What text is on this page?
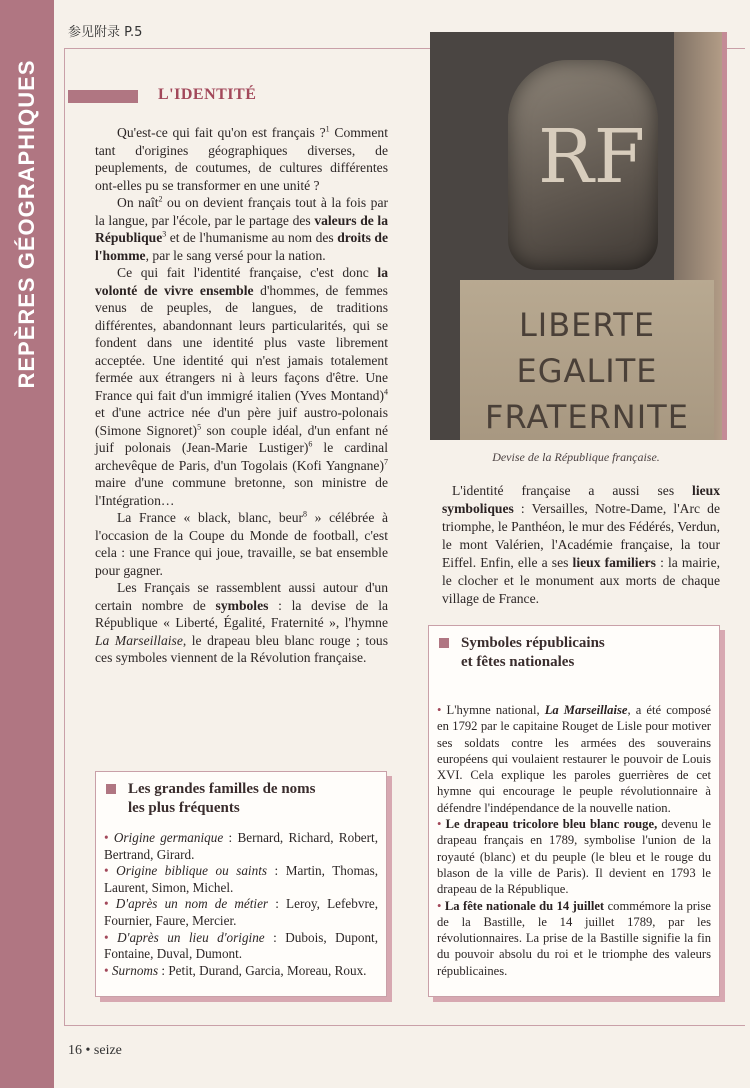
REPÈRES GÉOGRAPHIQUES
参见附录 P.5
L'IDENTITÉ

Qu'est-ce qui fait qu'on est français ?$^1$ Comment tant d'origines géographiques diverses, de peuplements, de coutumes, de cultures différentes ont-elles pu se transformer en une unité ?

On naît$^2$ ou on devient français tout à la fois par la langue, par l'école, par le partage des valeurs de la République$^3$ et de l'humanisme au nom des droits de l'homme, par le sang versé pour la nation.

Ce qui fait l'identité française, c'est donc la volonté de vivre ensemble d'hommes, de femmes venus de peuples, de langues, de traditions différentes, abandonnant leurs particularités, qui se fondent dans une identité plus vaste librement acceptée. Une identité qui n'est jamais totalement fermée aux étrangers ni à leurs façons d'être. Une France qui fait d'un immigré italien (Yves Montand)$^4$ et d'une actrice née d'un père juif austro-polonais (Simone Signoret)$^5$ son couple idéal, d'un enfant né juif polonais (Jean-Marie Lustiger)$^6$ le cardinal archevêque de Paris, d'un Togolais (Kofi Yangnane)$^7$ maire d'une commune bretonne, son ministre de l'Intégration…

La France « black, blanc, beur$^8$ » célébrée à l'occasion de la Coupe du Monde de football, c'est cela : une France qui joue, travaille, se bat ensemble pour gagner.

Les Français se rassemblent aussi autour d'un certain nombre de symboles : la devise de la République « Liberté, Égalité, Fraternité », l'hymne La Marseillaise, le drapeau bleu blanc rouge ; tous ces symboles viennent de la Révolution française.

RF
LIBERTE
EGALITE
FRATERNITE
Devise de la République française.
L'identité française a aussi ses lieux symboliques : Versailles, Notre-Dame, l'Arc de triomphe, le Panthéon, le mur des Fédérés, Verdun, le mont Valérien, l'Académie française, la tour Eiffel. Enfin, elle a ses lieux familiers : la mairie, le clocher et le monument aux morts de chaque village de France.
Les grandes familles de noms
les plus fréquents
• Origine germanique : Bernard, Richard, Robert, Bertrand, Girard.
• Origine biblique ou saints : Martin, Thomas, Laurent, Simon, Michel.
• D'après un nom de métier : Leroy, Lefebvre, Fournier, Faure, Mercier.
• D'après un lieu d'origine : Dubois, Dupont, Fontaine, Duval, Dumont.
• Surnoms : Petit, Durand, Garcia, Moreau, Roux.
Symboles républicains
et fêtes nationales
• L'hymne national, La Marseillaise, a été composé en 1792 par le capitaine Rouget de Lisle pour motiver ses soldats contre les armées des souverains européens qui voulaient restaurer le pouvoir de Louis XVI. Cela explique les paroles guerrières de cet hymne qui encourage le peuple révolutionnaire à défendre l'indépendance de la nouvelle nation.
• Le drapeau tricolore bleu blanc rouge, devenu le drapeau français en 1789, symbolise l'union de la royauté (blanc) et du peuple (le bleu et le rouge du blason de la ville de Paris). Il devient en 1793 le drapeau de la République.
• La fête nationale du 14 juillet commémore la prise de la Bastille, le 14 juillet 1789, par les révolutionnaires. La prise de la Bastille signifie la fin du pouvoir absolu du roi et le triomphe des valeurs républicaines.
16 • seize
